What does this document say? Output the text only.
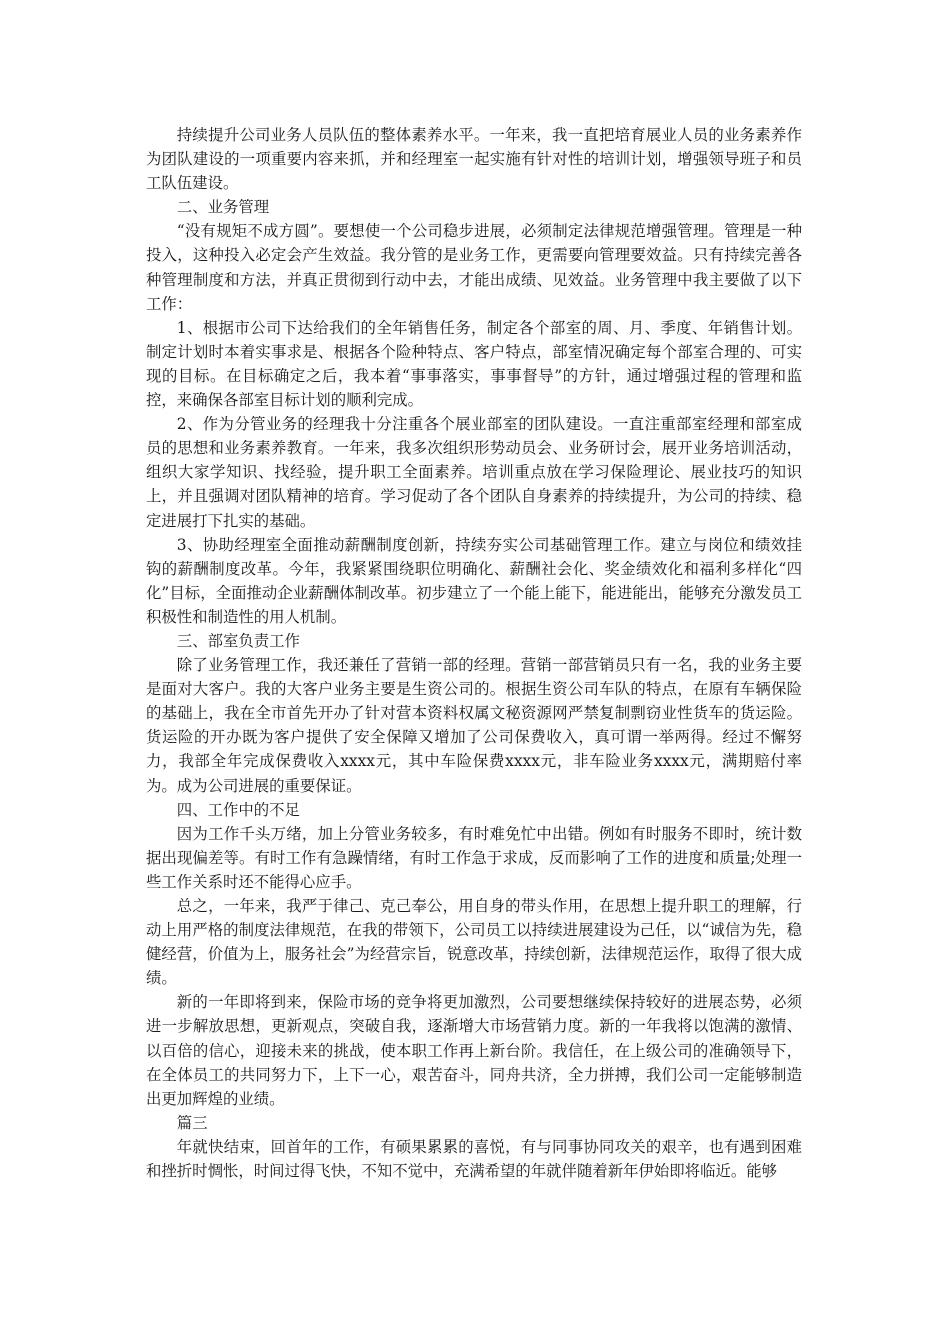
持续提升公司业务人员队伍的整体素养水平。一年来，我一直把培育展业人员的业务素养作为团队建设的一项重要内容来抓，并和经理室一起实施有针对性的培训计划，增强领导班子和员工队伍建设。

二、业务管理

“没有规矩不成方圆”。要想使一个公司稳步进展，必须制定法律规范增强管理。管理是一种投入，这种投入必定会产生效益。我分管的是业务工作，更需要向管理要效益。只有持续完善各种管理制度和方法，并真正贯彻到行动中去，才能出成绩、见效益。业务管理中我主要做了以下工作：

1、根据市公司下达给我们的全年销售任务，制定各个部室的周、月、季度、年销售计划。制定计划时本着实事求是、根据各个险种特点、客户特点，部室情况确定每个部室合理的、可实现的目标。在目标确定之后，我本着“事事落实，事事督导”的方针，通过增强过程的管理和监控，来确保各部室目标计划的顺利完成。

2、作为分管业务的经理我十分注重各个展业部室的团队建设。一直注重部室经理和部室成员的思想和业务素养教育。一年来，我多次组织形势动员会、业务研讨会，展开业务培训活动，组织大家学知识、找经验，提升职工全面素养。培训重点放在学习保险理论、展业技巧的知识上，并且强调对团队精神的培育。学习促动了各个团队自身素养的持续提升，为公司的持续、稳定进展打下扎实的基础。

3、协助经理室全面推动薪酬制度创新，持续夯实公司基础管理工作。建立与岗位和绩效挂钩的薪酬制度改革。今年，我紧紧围绕职位明确化、薪酬社会化、奖金绩效化和福利多样化“四化”目标，全面推动企业薪酬体制改革。初步建立了一个能上能下，能进能出，能够充分激发员工积极性和制造性的用人机制。

三、部室负责工作

除了业务管理工作，我还兼任了营销一部的经理。营销一部营销员只有一名，我的业务主要是面对大客户。我的大客户业务主要是生资公司的。根据生资公司车队的特点，在原有车辆保险的基础上，我在全市首先开办了针对营本资料权属文秘资源网严禁复制剽窃业性货车的货运险。货运险的开办既为客户提供了安全保障又增加了公司保费收入，真可谓一举两得。经过不懈努力，我部全年完成保费收入xxxx元，其中车险保费xxxx元，非车险业务xxxx元，满期赔付率为。成为公司进展的重要保证。

四、工作中的不足

因为工作千头万绪，加上分管业务较多，有时难免忙中出错。例如有时服务不即时，统计数据出现偏差等。有时工作有急躁情绪，有时工作急于求成，反而影响了工作的进度和质量;处理一些工作关系时还不能得心应手。

总之，一年来，我严于律己、克己奉公，用自身的带头作用，在思想上提升职工的理解，行动上用严格的制度法律规范，在我的带领下，公司员工以持续进展建设为己任，以“诚信为先，稳健经营，价值为上，服务社会”为经营宗旨，锐意改革，持续创新，法律规范运作，取得了很大成绩。

新的一年即将到来，保险市场的竞争将更加激烈，公司要想继续保持较好的进展态势，必须进一步解放思想，更新观点，突破自我，逐渐增大市场营销力度。新的一年我将以饱满的激情、以百倍的信心，迎接未来的挑战，使本职工作再上新台阶。我信任，在上级公司的准确领导下，在全体员工的共同努力下，上下一心，艰苦奋斗，同舟共济，全力拼搏，我们公司一定能够制造出更加辉煌的业绩。

篇三

年就快结束，回首年的工作，有硕果累累的喜悦，有与同事协同攻关的艰辛，也有遇到困难和挫折时惆怅，时间过得飞快，不知不觉中，充满希望的年就伴随着新年伊始即将临近。能够
